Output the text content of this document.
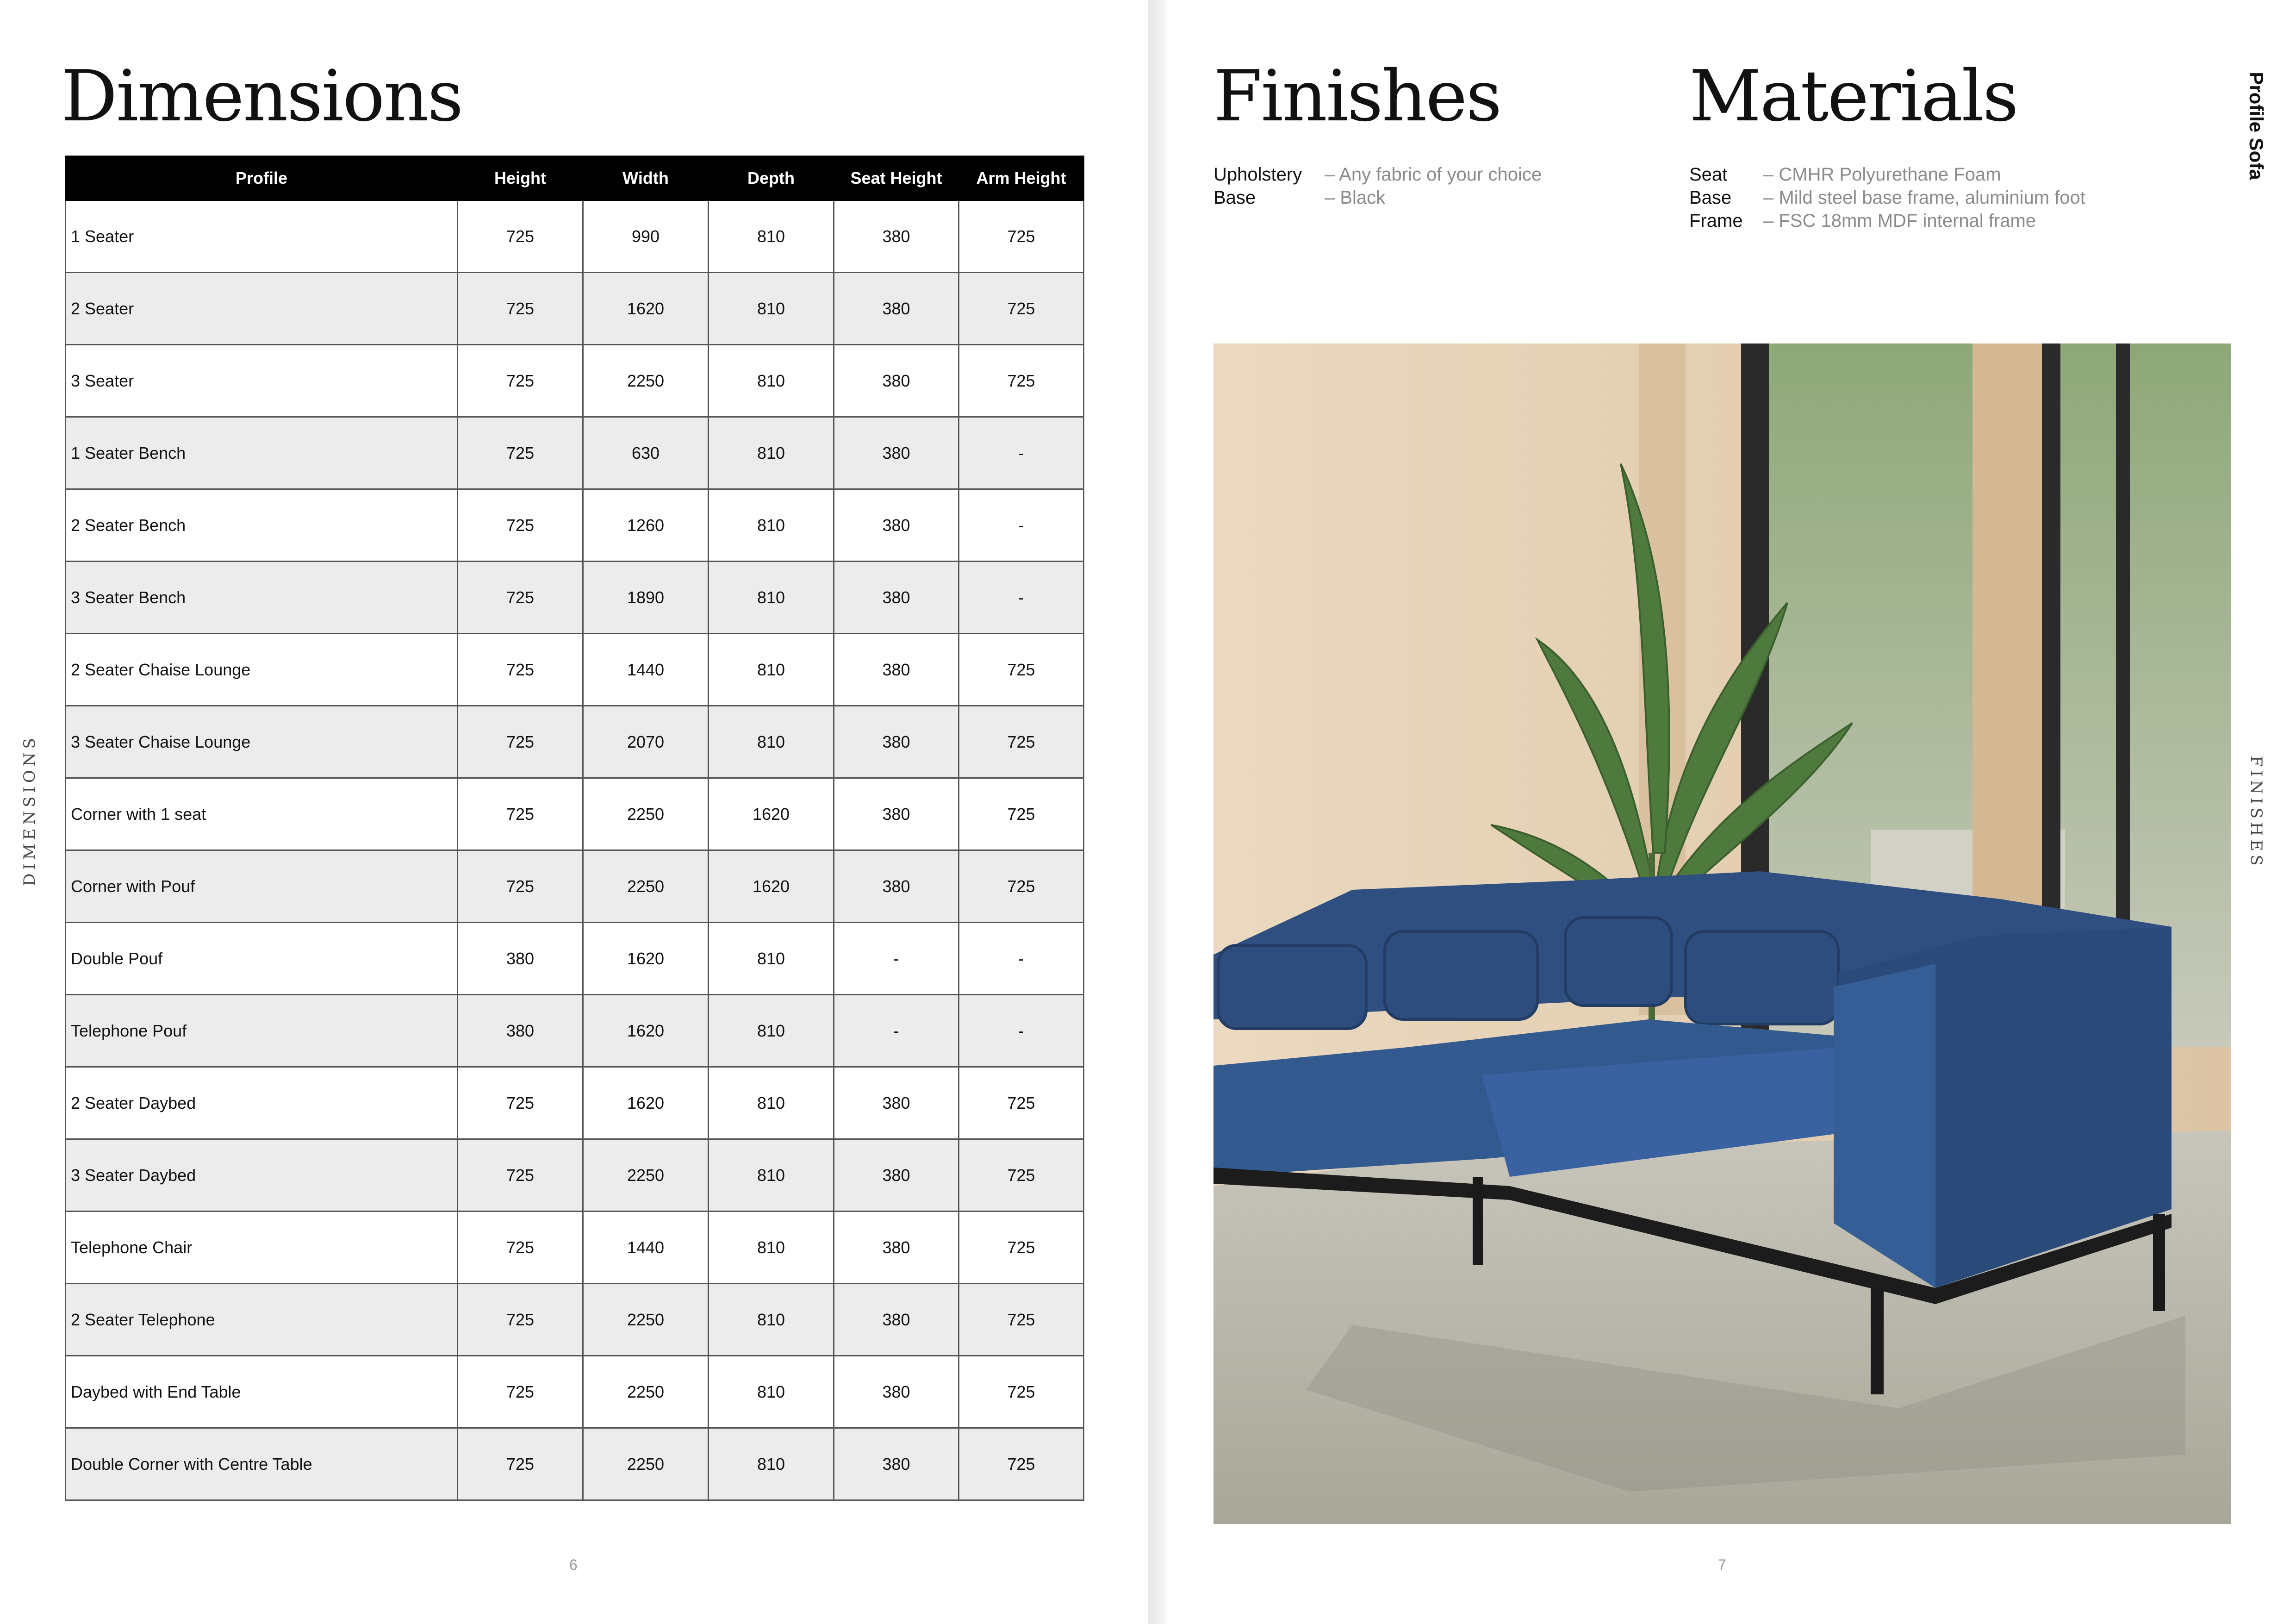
Dimensions
Profile	Height	Width	Depth	Seat Height	Arm Height
1 Seater	725	990	810	380	725
2 Seater	725	1620	810	380	725
3 Seater	725	2250	810	380	725
1 Seater Bench	725	630	810	380	-
2 Seater Bench	725	1260	810	380	-
3 Seater Bench	725	1890	810	380	-
2 Seater Chaise Lounge	725	1440	810	380	725
3 Seater Chaise Lounge	725	2070	810	380	725
Corner with 1 seat	725	2250	1620	380	725
Corner with Pouf	725	2250	1620	380	725
Double Pouf	380	1620	810	-	-
Telephone Pouf	380	1620	810	-	-
2 Seater Daybed	725	1620	810	380	725
3 Seater Daybed	725	2250	810	380	725
Telephone Chair	725	1440	810	380	725
2 Seater Telephone	725	2250	810	380	725
Daybed with End Table	725	2250	810	380	725
Double Corner with Centre Table	725	2250	810	380	725
DIMENSIONS
6
Finishes	Materials
Upholstery	– Any fabric of your choice
Base	– Black
Seat	– CMHR Polyurethane Foam
Base	– Mild steel base frame, aluminium foot
Frame	– FSC 18mm MDF internal frame
Profile Sofa
FINISHES
7
